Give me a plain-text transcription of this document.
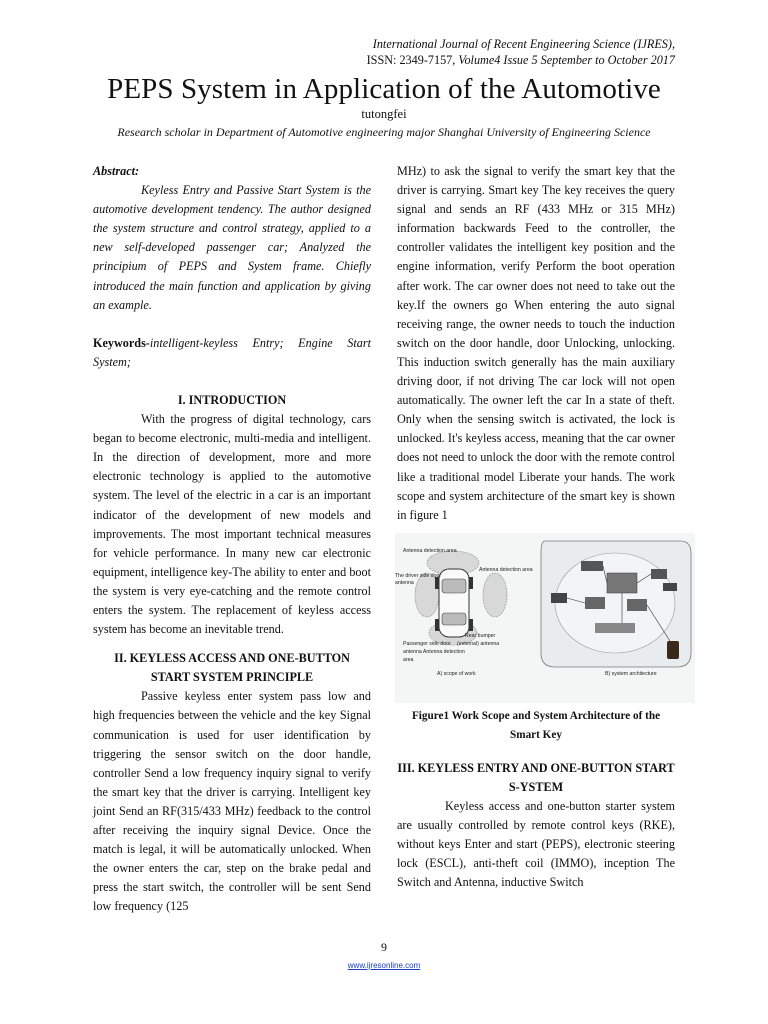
International Journal of Recent Engineering Science (IJRES),
ISSN: 2349-7157, Volume4 Issue 5 September to October 2017
PEPS System in Application of the Automotive
tutongfei
Research scholar in Department of Automotive engineering major Shanghai University of Engineering Science

Abstract:

Keyless Entry and Passive Start System is the automotive development tendency. The author designed the system structure and control strategy, applied to a new self-developed passenger car; Analyzed the principium of PEPS and System frame. Chiefly introduced the main function and application by giving an example.

Keywords-intelligent-keyless Entry; Engine Start System;

I. INTRODUCTION

With the progress of digital technology, cars began to become electronic, multi-media and intelligent. In the direction of development, more and more electronic technology is applied to the automotive system. The level of the electric in a car is an important indicator of the development of new models and improvements. The most important technical measures for vehicle performance. In many new car electronic equipment, intelligence key-The ability to enter and boot the system is very eye-catching and the remote control enters the system. The replacement of keyless access system has become an inevitable trend.

II. KEYLESS ACCESS AND ONE-BUTTON START SYSTEM PRINCIPLE

Passive keyless enter system pass low and high frequencies between the vehicle and the key Signal communication is used for user identification by triggering the sensor switch on the door handle, controller Send a low frequency inquiry signal to verify the smart key that the driver is carrying. Intelligent key joint Send an RF(315/433 MHz) feedback to the control after receiving the inquiry signal Device. Once the match is legal, it will be automatically unlocked. When the owner enters the car, step on the brake pedal and press the start switch, the controller will be sent Send low frequency (125

MHz) to ask the signal to verify the smart key that the driver is carrying. Smart key The key receives the query signal and sends an RF (433 MHz or 315 MHz) information backwards Feed to the controller, the controller validates the intelligent key position and the engine information, verify Perform the boot operation after work. The car owner does not need to take out the key.If the owners go When entering the auto signal receiving range, the owner needs to touch the induction switch on the door handle, door Unlocking, unlocking. This induction switch generally has the main auxiliary driving door, if not driving The car lock will not open automatically. The owner left the car In a state of theft. Only when the sensing switch is activated, the lock is unlocked. It's keyless access, meaning that the car owner does not need to unlock the door with the remote control like a traditional model Liberate your hands. The work scope and system architecture of the smart key is shown in figure 1

Antenna detection area
The driver side door
antenna
Antenna detection area
Rear bumper
(external) antenna
Passenger side door
antenna Antenna detection
area
A) scope of work	B) system architecture

Figure1 Work Scope and System Architecture of the Smart Key

III. KEYLESS ENTRY AND ONE-BUTTON START S-YSTEM

Keyless access and one-button starter system are usually controlled by remote control keys (RKE), without keys Enter and start (PEPS), electronic steering lock (ESCL), anti-theft coil (IMMO), inception The Switch and Antenna, inductive Switch

9
www.ijresonline.com
